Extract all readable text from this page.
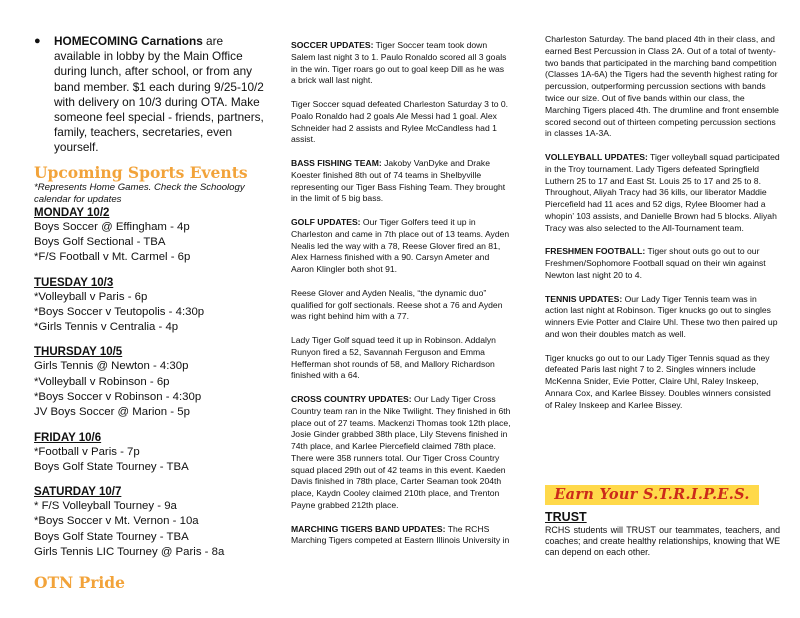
●	HOMECOMING Carnations are available in lobby by the Main Office during lunch, after school, or from any band member. $1 each during 9/25-10/2 with delivery on 10/3 during OTA. Make someone feel special - friends, partners, family, teachers, secretaries, even yourself.
Upcoming Sports Events
*Represents Home Games. Check the Schoology calendar for updates
MONDAY 10/2
Boys Soccer @ Effingham - 4p
Boys Golf Sectional - TBA
*F/S Football v Mt. Carmel - 6p
TUESDAY 10/3
*Volleyball v Paris - 6p
*Boys Soccer v Teutopolis - 4:30p
*Girls Tennis v Centralia - 4p
THURSDAY 10/5
Girls Tennis @ Newton - 4:30p
*Volleyball v Robinson - 6p
*Boys Soccer v Robinson - 4:30p
JV Boys Soccer @ Marion - 5p
FRIDAY 10/6
*Football v Paris - 7p
Boys Golf State Tourney - TBA
SATURDAY 10/7
* F/S Volleyball Tourney - 9a
*Boys Soccer v Mt. Vernon - 10a
Boys Golf State Tourney - TBA
Girls Tennis LIC Tourney @ Paris - 8a
OTN Pride

SOCCER UPDATES: Tiger Soccer team took down Salem last night 3 to 1. Paulo Ronaldo scored all 3 goals in the win. Tiger roars go out to goal keep Dill as he was a brick wall last night.

Tiger Soccer squad defeated Charleston Saturday 3 to 0. Poalo Ronaldo had 2 goals Ale Messi had 1 goal. Alex Schneider had 2 assists and Rylee McCandless had 1 assist.

BASS FISHING TEAM: Jakoby VanDyke and Drake Koester finished 8th out of 74 teams in Shelbyville representing our Tiger Bass Fishing Team. They brought in the limit of 5 big bass.

GOLF UPDATES: Our Tiger Golfers teed it up in Charleston and came in 7th place out of 13 teams. Ayden Nealis led the way with a 78, Reese Glover fired an 81, Alex Harness finished with a 90. Carsyn Ameter and Aaron Klingler both shot 91.

Reese Glover and Ayden Nealis, “the dynamic duo” qualified for golf sectionals. Reese shot a 76 and Ayden was right behind him with a 77.

Lady Tiger Golf squad teed it up in Robinson. Addalyn Runyon fired a 52, Savannah Ferguson and Emma Hefferman shot rounds of 58, and Mallory Richardson finished with a 64.

CROSS COUNTRY UPDATES: Our Lady Tiger Cross Country team ran in the Nike Twilight. They finished in 6th place out of 27 teams. Mackenzi Thomas took 12th place, Josie Ginder grabbed 38th place, Lily Stevens finished in 74th place, and Karlee Piercefield claimed 78th place. There were 358 runners total. Our Tiger Cross Country squad placed 29th out of 42 teams in this event. Kaeden Davis finished in 78th place, Carter Seaman took 204th place, Kaydn Cooley claimed 210th place, and Trenton Payne grabbed 212th place.

MARCHING TIGERS BAND UPDATES: The RCHS Marching Tigers competed at Eastern Illinois University in

Charleston Saturday. The band placed 4th in their class, and earned Best Percussion in Class 2A. Out of a total of twenty-two bands that participated in the marching band competition (Classes 1A-6A) the Tigers had the seventh highest rating for percussion, outperforming percussion sections with bands twice our size. Out of five bands within our class, the Marching Tigers placed 4th. The drumline and front ensemble scored second out of thirteen competing percussion sections in classes 1A-3A.

VOLLEYBALL UPDATES: Tiger volleyball squad participated in the Troy tournament. Lady Tigers defeated Springfield Luthern 25 to 17 and East St. Louis 25 to 17 and 25 to 8. Throughout, Aliyah Tracy had 36 kills, our liberator Maddie Piercefield had 11 aces and 52 digs, Rylee Bloomer had a whopin’ 103 assists, and Danielle Brown had 5 blocks. Aliyah Tracy was also selected to the All-Tournament team.

FRESHMEN FOOTBALL: Tiger shout outs go out to our Freshmen/Sophomore Football squad on their win against Newton last night 20 to 4.

TENNIS UPDATES: Our Lady Tiger Tennis team was in action last night at Robinson. Tiger knucks go out to singles winners Evie Potter and Claire Uhl. These two then paired up and won their doubles match as well.

Tiger knucks go out to our Lady Tiger Tennis squad as they defeated Paris last night 7 to 2. Singles winners include McKenna Snider, Evie Potter, Claire Uhl, Raley Inskeep, Annara Cox, and Karlee Bissey. Doubles winners consisted of Raley Inskeep and Karlee Bissey.

Earn Your S.T.R.I.P.E.S.
TRUST
RCHS students will TRUST our teammates, teachers, and coaches; and create healthy relationships, knowing that WE can depend on each other.
